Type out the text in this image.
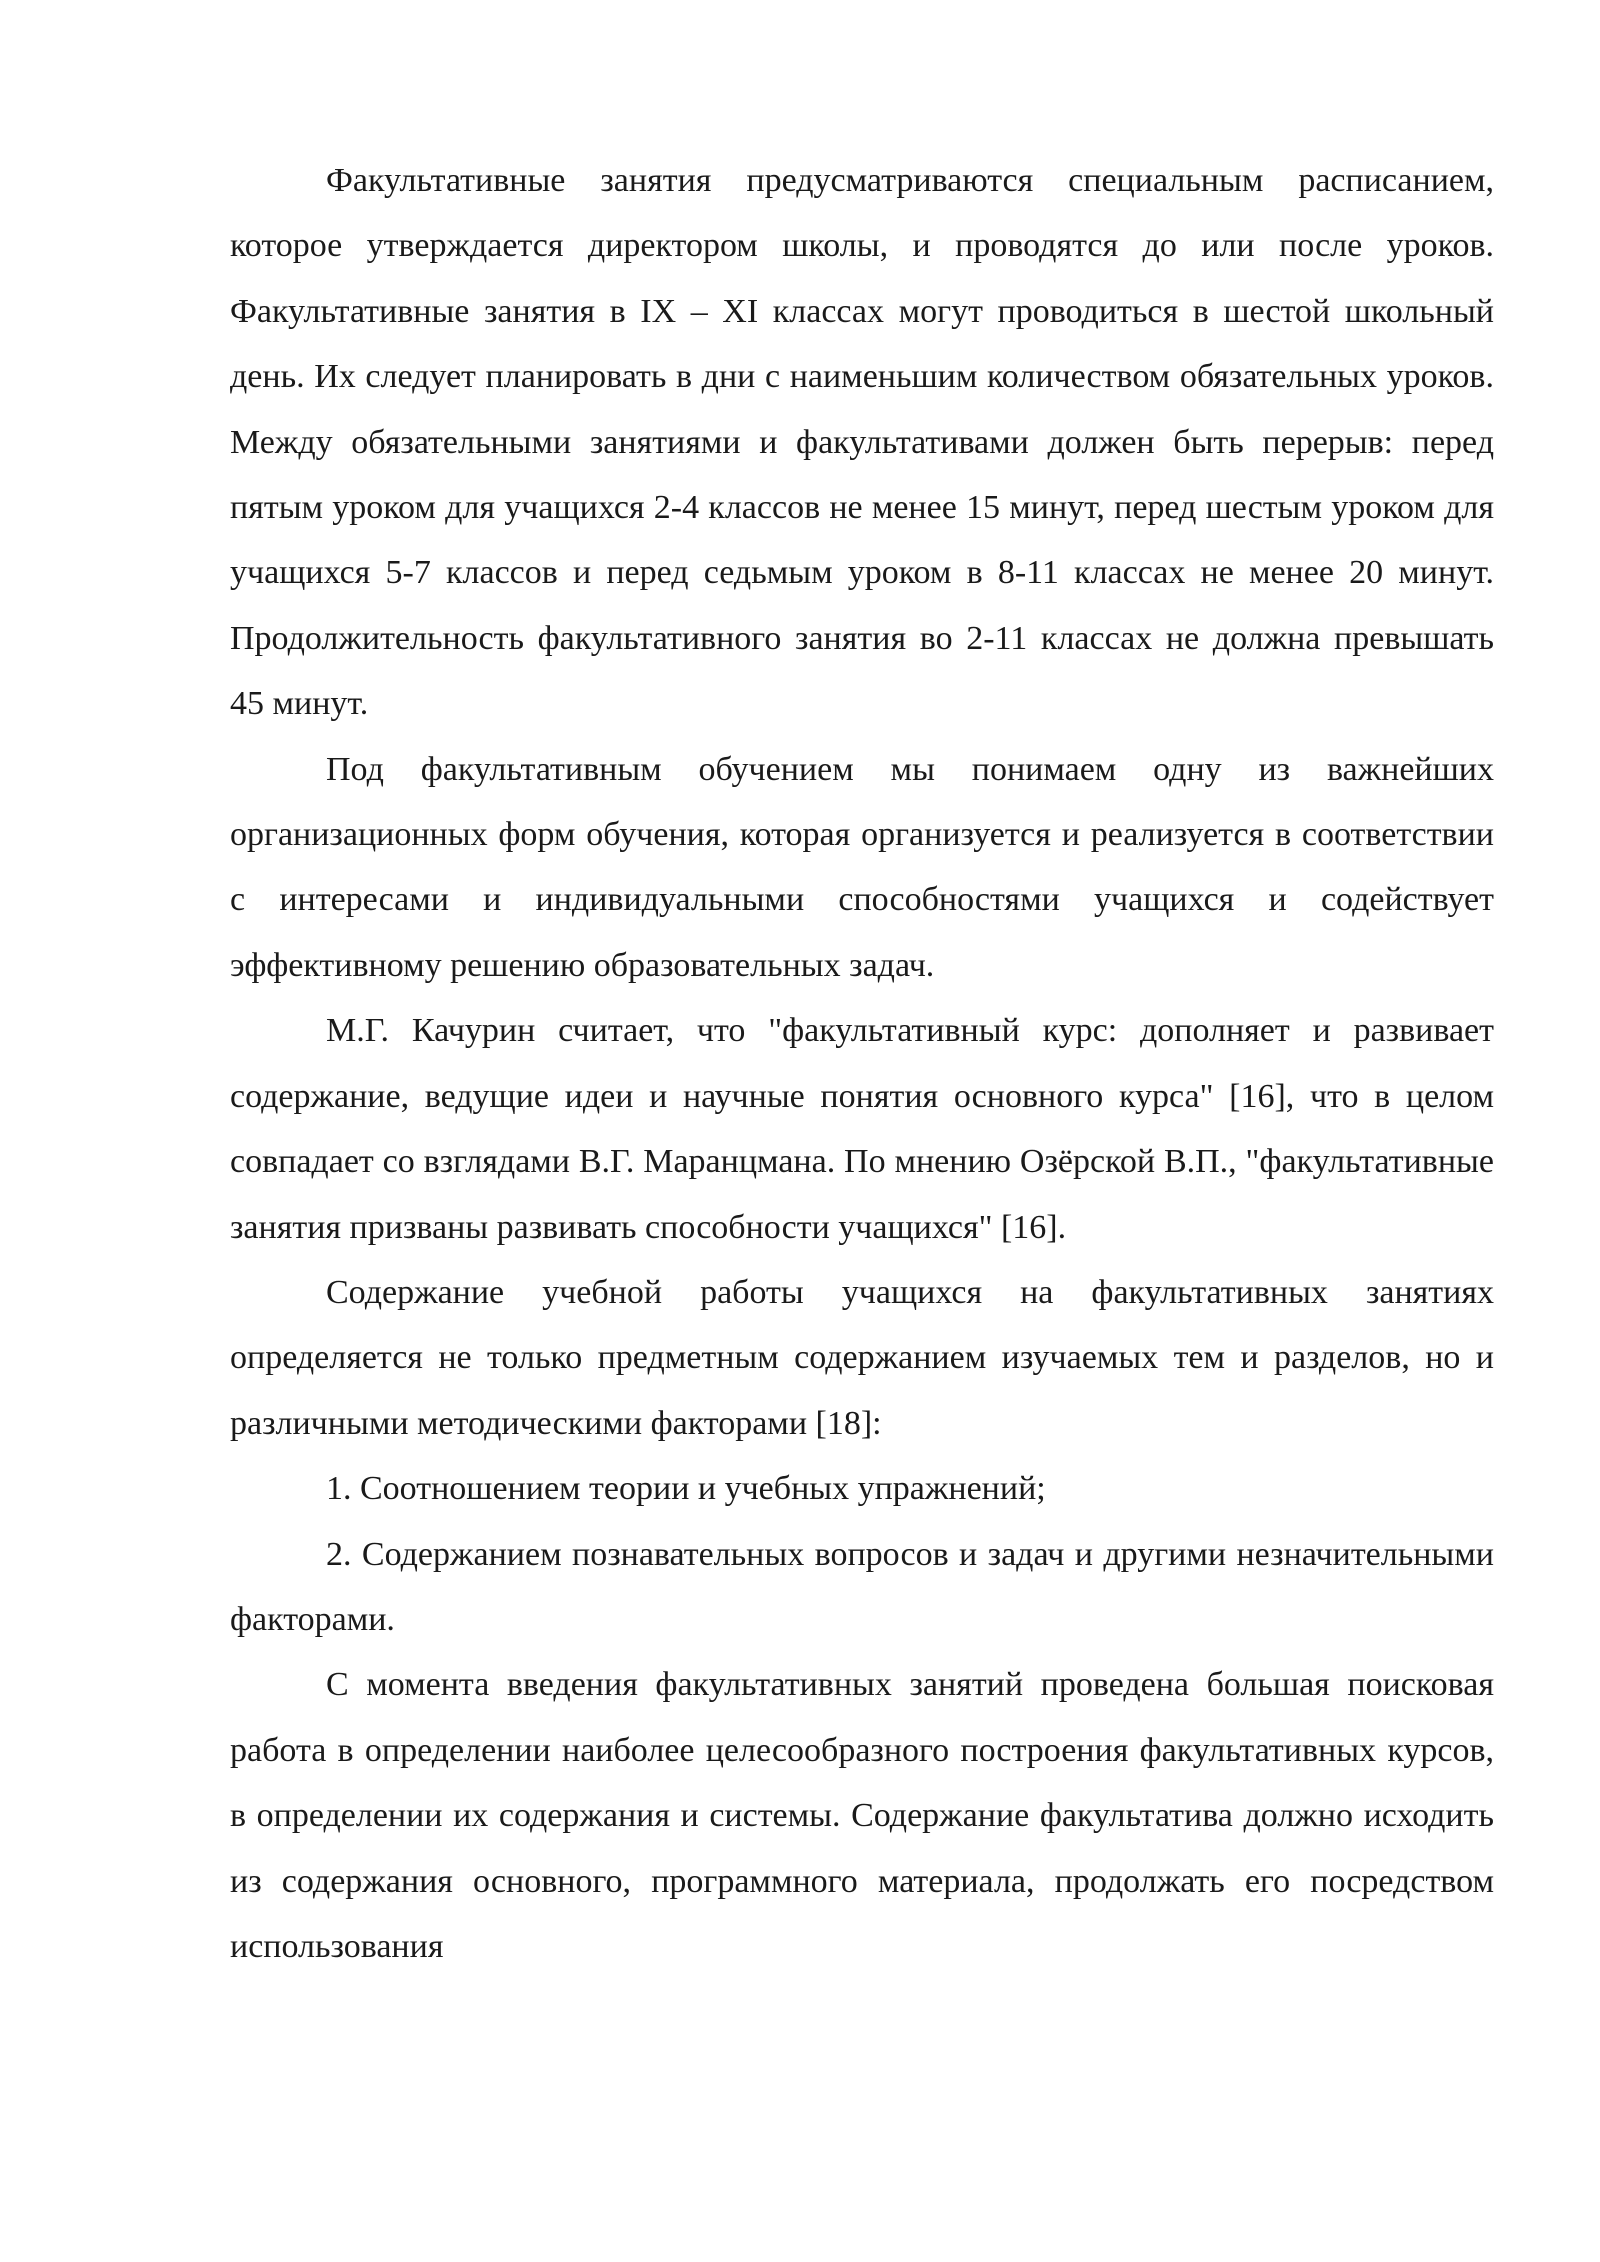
Факультативные занятия предусматриваются специальным расписанием, которое утверждается директором школы, и проводятся до или после уроков. Факультативные занятия в IX – XI классах могут проводиться в шестой школьный день. Их следует планировать в дни с наименьшим количеством обязательных уроков. Между обязательными занятиями и факультативами должен быть перерыв: перед пятым уроком для учащихся 2-4 классов не менее 15 минут, перед шестым уроком для учащихся 5-7 классов и перед седьмым уроком в 8-11 классах не менее 20 минут. Продолжительность факультативного занятия во 2-11 классах не должна превышать 45 минут.

Под факультативным обучением мы понимаем одну из важнейших организационных форм обучения, которая организуется и реализуется в соответствии с интересами и индивидуальными способностями учащихся и содействует эффективному решению образовательных задач.

М.Г. Качурин считает, что "факультативный курс: дополняет и развивает содержание, ведущие идеи и научные понятия основного курса" [16], что в целом совпадает со взглядами В.Г. Маранцмана. По мнению Озёрской В.П., "факультативные занятия призваны развивать способности учащихся" [16].

Содержание учебной работы учащихся на факультативных занятиях определяется не только предметным содержанием изучаемых тем и разделов, но и различными методическими факторами [18]:

1. Соотношением теории и учебных упражнений;

2. Содержанием познавательных вопросов и задач и другими незначительными факторами.

С момента введения факультативных занятий проведена большая поисковая работа в определении наиболее целесообразного построения факультативных курсов, в определении их содержания и системы. Содержание факультатива должно исходить из содержания основного, программного материала, продолжать его посредством использования
